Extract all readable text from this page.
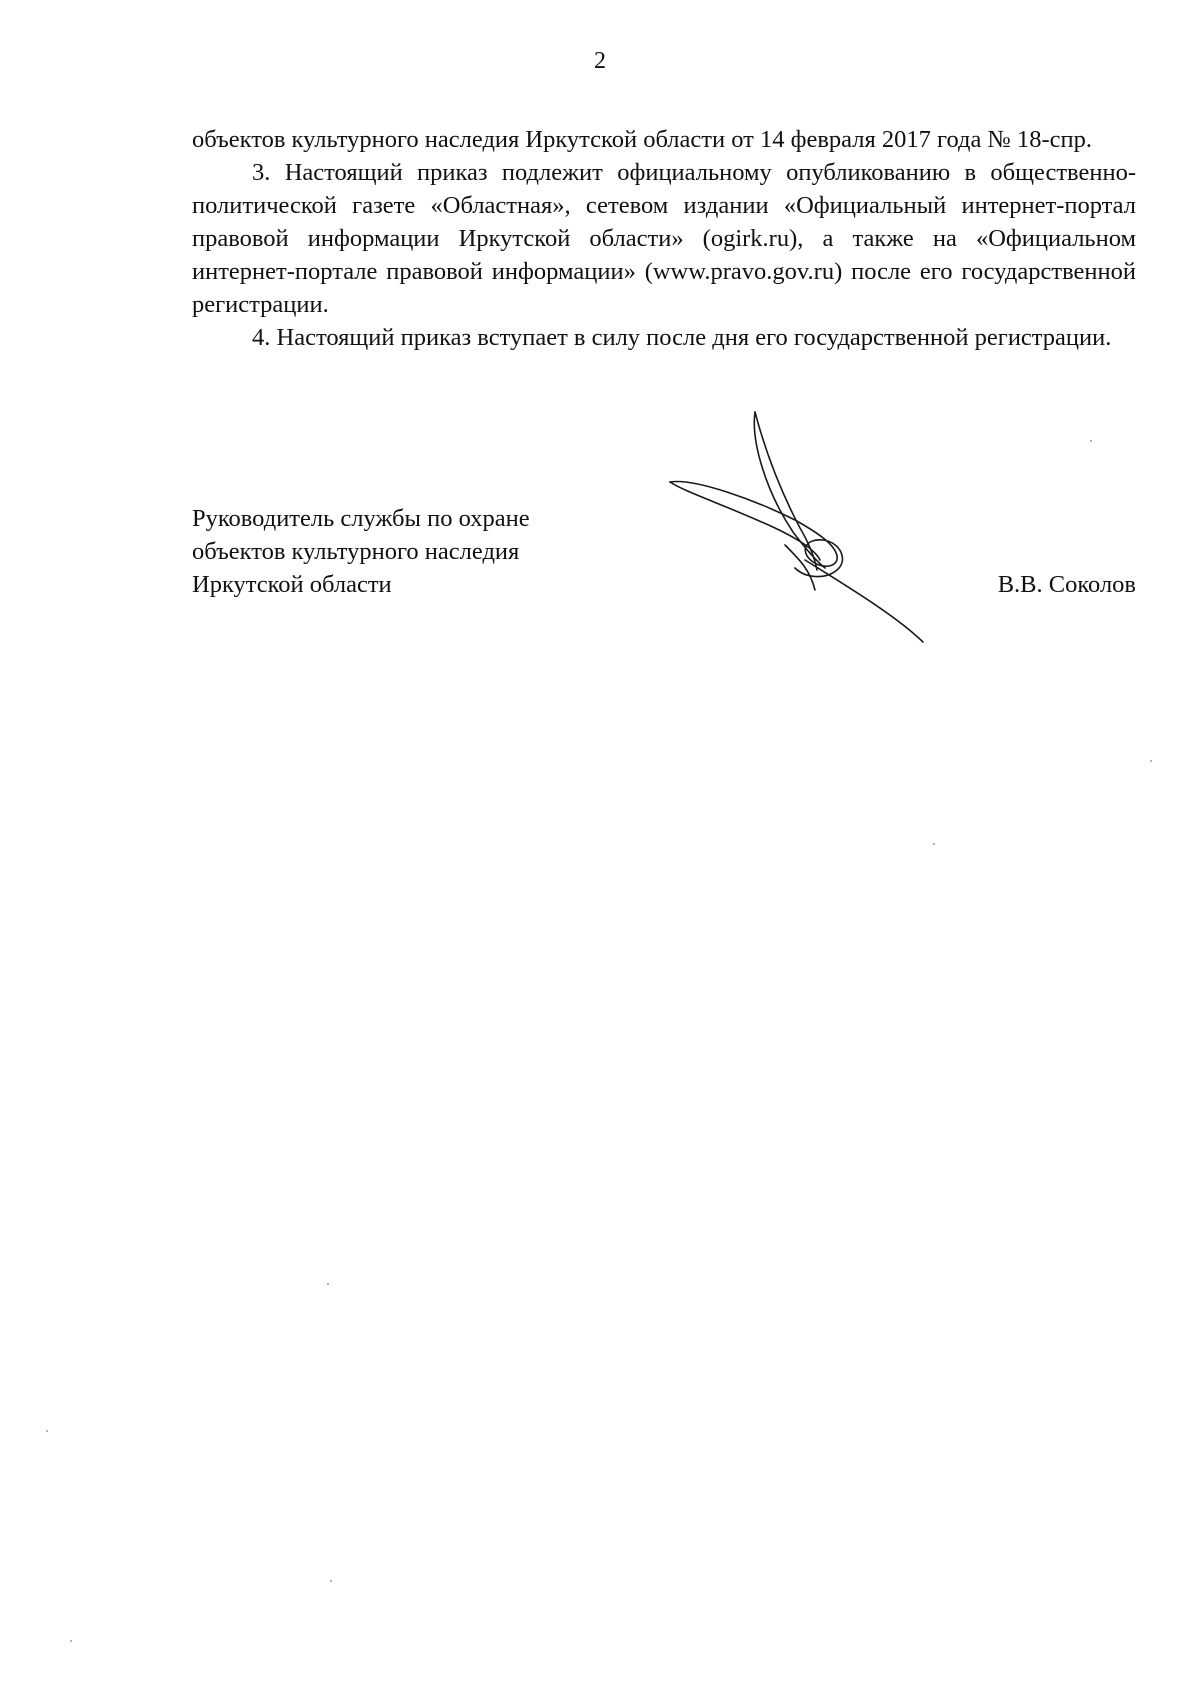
2

объектов культурного наследия Иркутской области от 14 февраля 2017 года № 18-спр.

3. Настоящий приказ подлежит официальному опубликованию в общественно-политической газете «Областная», сетевом издании «Официальный интернет-портал правовой информации Иркутской области» (ogirk.ru), а также на «Официальном интернет-портале правовой информации» (www.pravo.gov.ru) после его государственной регистрации.

4. Настоящий приказ вступает в силу после дня его государственной регистрации.

Руководитель службы по охране
объектов культурного наследия
Иркутской области	В.В. Соколов
